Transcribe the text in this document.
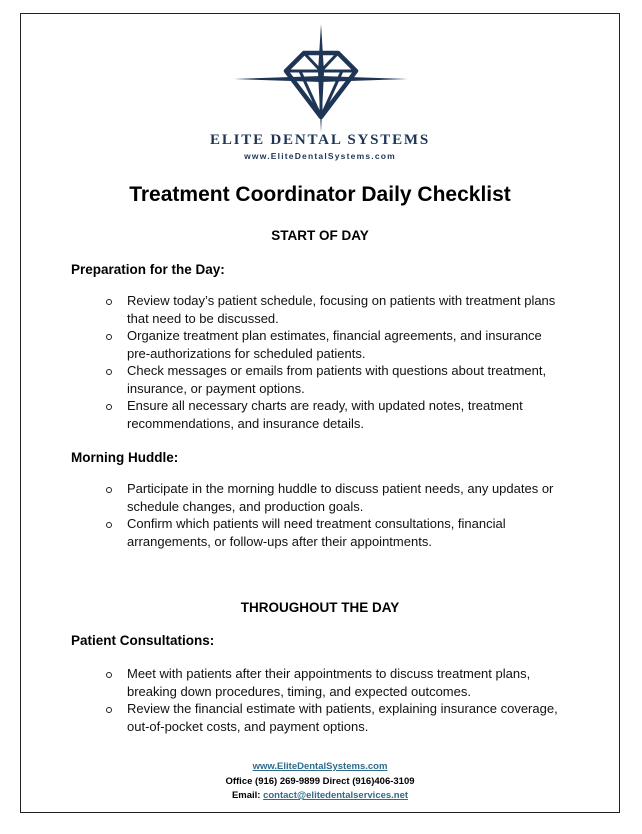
ELITE DENTAL SYSTEMS
www.EliteDentalSystems.com
Treatment Coordinator Daily Checklist
START OF DAY
Preparation for the Day:
Review today’s patient schedule, focusing on patients with treatment plans that need to be discussed.
Organize treatment plan estimates, financial agreements, and insurance pre-authorizations for scheduled patients.
Check messages or emails from patients with questions about treatment, insurance, or payment options.
Ensure all necessary charts are ready, with updated notes, treatment recommendations, and insurance details.
Morning Huddle:
Participate in the morning huddle to discuss patient needs, any updates or schedule changes, and production goals.
Confirm which patients will need treatment consultations, financial arrangements, or follow-ups after their appointments.
THROUGHOUT THE DAY
Patient Consultations:
Meet with patients after their appointments to discuss treatment plans, breaking down procedures, timing, and expected outcomes.
Review the financial estimate with patients, explaining insurance coverage, out-of-pocket costs, and payment options.
www.EliteDentalSystems.com
Office (916) 269-9899 Direct (916)406-3109
Email: contact@elitedentalservices.net
